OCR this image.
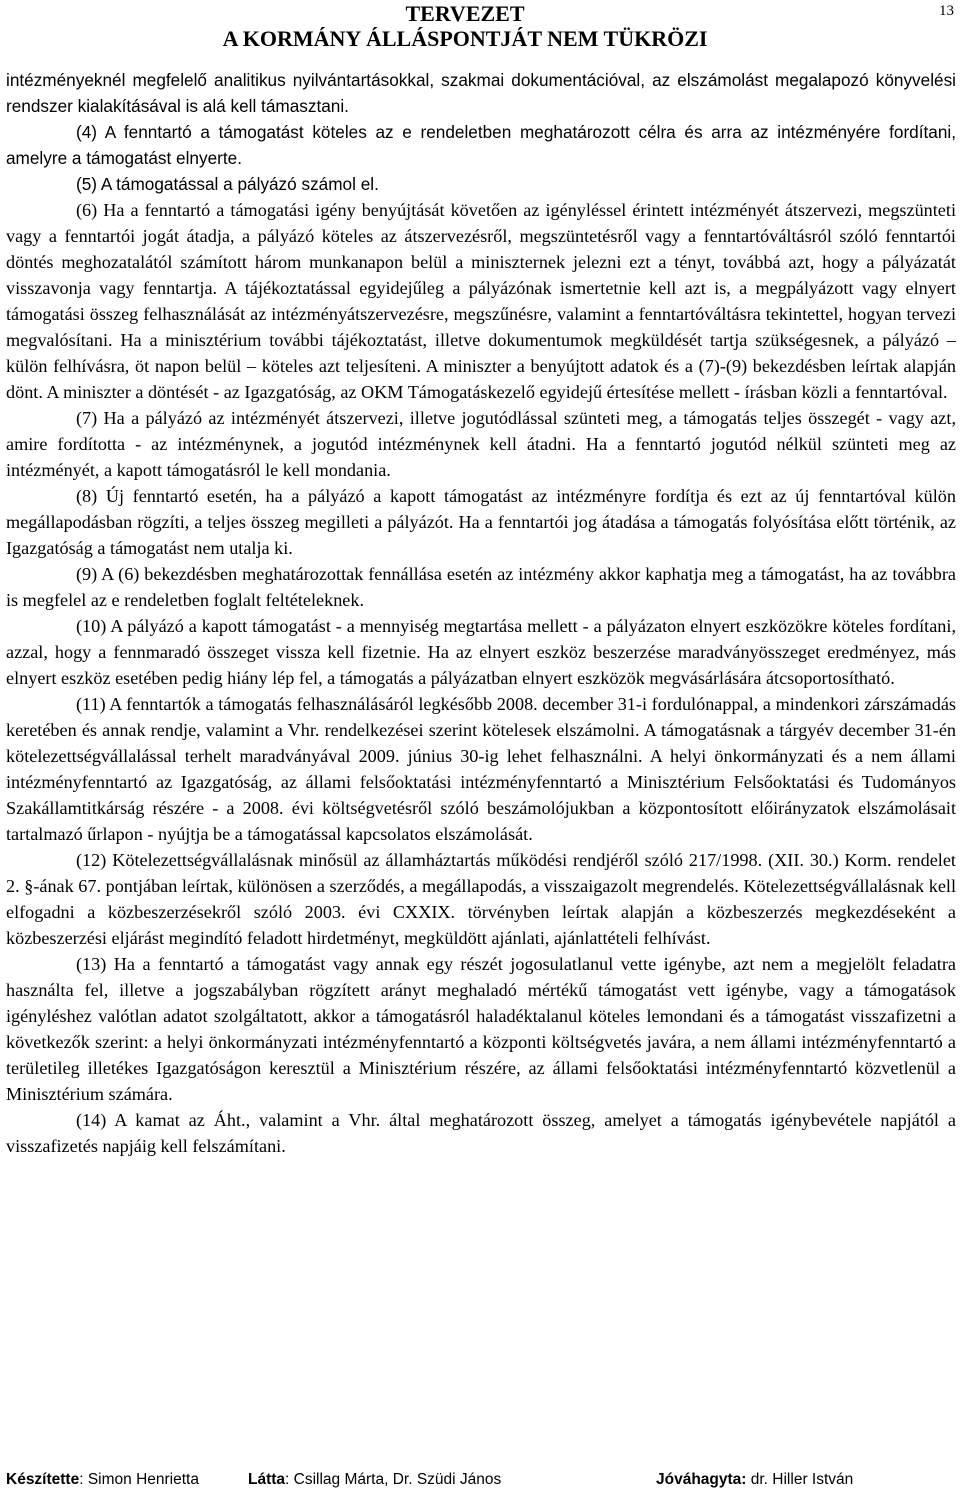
TERVEZET
A KORMÁNY ÁLLÁSPONTJÁT NEM TÜKRÖZI
13

intézményeknél megfelelő analitikus nyilvántartásokkal, szakmai dokumentációval, az elszámolást megalapozó könyvelési rendszer kialakításával is alá kell támasztani.

(4) A fenntartó a támogatást köteles az e rendeletben meghatározott célra és arra az intézményére fordítani, amelyre a támogatást elnyerte.

(5) A támogatással a pályázó számol el.

(6) Ha a fenntartó a támogatási igény benyújtását követően az igényléssel érintett intézményét átszervezi, megszünteti vagy a fenntartói jogát átadja, a pályázó köteles az átszervezésről, megszüntetésről vagy a fenntartóváltásról szóló fenntartói döntés meghozatalától számított három munkanapon belül a miniszternek jelezni ezt a tényt, továbbá azt, hogy a pályázatát visszavonja vagy fenntartja. A tájékoztatással egyidejűleg a pályázónak ismertetnie kell azt is, a megpályázott vagy elnyert támogatási összeg felhasználását az intézményátszervezésre, megszűnésre, valamint a fenntartóváltásra tekintettel, hogyan tervezi megvalósítani. Ha a minisztérium további tájékoztatást, illetve dokumentumok megküldését tartja szükségesnek, a pályázó – külön felhívásra, öt napon belül – köteles azt teljesíteni. A miniszter a benyújtott adatok és a (7)-(9) bekezdésben leírtak alapján dönt. A miniszter a döntését - az Igazgatóság, az OKM Támogatáskezelő egyidejű értesítése mellett - írásban közli a fenntartóval.

(7) Ha a pályázó az intézményét átszervezi, illetve jogutódlással szünteti meg, a támogatás teljes összegét - vagy azt, amire fordította - az intézménynek, a jogutód intézménynek kell átadni. Ha a fenntartó jogutód nélkül szünteti meg az intézményét, a kapott támogatásról le kell mondania.

(8) Új fenntartó esetén, ha a pályázó a kapott támogatást az intézményre fordítja és ezt az új fenntartóval külön megállapodásban rögzíti, a teljes összeg megilleti a pályázót. Ha a fenntartói jog átadása a támogatás folyósítása előtt történik, az Igazgatóság a támogatást nem utalja ki.

(9) A (6) bekezdésben meghatározottak fennállása esetén az intézmény akkor kaphatja meg a támogatást, ha az továbbra is megfelel az e rendeletben foglalt feltételeknek.

(10) A pályázó a kapott támogatást - a mennyiség megtartása mellett - a pályázaton elnyert eszközökre köteles fordítani, azzal, hogy a fennmaradó összeget vissza kell fizetnie. Ha az elnyert eszköz beszerzése maradványösszeget eredményez, más elnyert eszköz esetében pedig hiány lép fel, a támogatás a pályázatban elnyert eszközök megvásárlására átcsoportosítható.

(11) A fenntartók a támogatás felhasználásáról legkésőbb 2008. december 31-i fordulónappal, a mindenkori zárszámadás keretében és annak rendje, valamint a Vhr. rendelkezései szerint kötelesek elszámolni. A támogatásnak a tárgyév december 31-én kötelezettségvállalással terhelt maradványával 2009. június 30-ig lehet felhasználni. A helyi önkormányzati és a nem állami intézményfenntartó az Igazgatóság, az állami felsőoktatási intézményfenntartó a Minisztérium Felsőoktatási és Tudományos Szakállamtitkárság részére - a 2008. évi költségvetésről szóló beszámolójukban a központosított előirányzatok elszámolásait tartalmazó űrlapon - nyújtja be a támogatással kapcsolatos elszámolását.

(12) Kötelezettségvállalásnak minősül az államháztartás működési rendjéről szóló 217/1998. (XII. 30.) Korm. rendelet 2. §-ának 67. pontjában leírtak, különösen a szerződés, a megállapodás, a visszaigazolt megrendelés. Kötelezettségvállalásnak kell elfogadni a közbeszerzésekről szóló 2003. évi CXXIX. törvényben leírtak alapján a közbeszerzés megkezdéseként a közbeszerzési eljárást megindító feladott hirdetményt, megküldött ajánlati, ajánlattételi felhívást.

(13) Ha a fenntartó a támogatást vagy annak egy részét jogosulatlanul vette igénybe, azt nem a megjelölt feladatra használta fel, illetve a jogszabályban rögzített arányt meghaladó mértékű támogatást vett igénybe, vagy a támogatások igényléshez valótlan adatot szolgáltatott, akkor a támogatásról haladéktalanul köteles lemondani és a támogatást visszafizetni a következők szerint: a helyi önkormányzati intézményfenntartó a központi költségvetés javára, a nem állami intézményfenntartó a területileg illetékes Igazgatóságon keresztül a Minisztérium részére, az állami felsőoktatási intézményfenntartó közvetlenül a Minisztérium számára.

(14) A kamat az Áht., valamint a Vhr. által meghatározott összeg, amelyet a támogatás igénybevétele napjától a visszafizetés napjáig kell felszámítani.

Készítette: Simon Henrietta	Látta: Csillag Márta, Dr. Szüdi János	Jóváhagyta: dr. Hiller István
